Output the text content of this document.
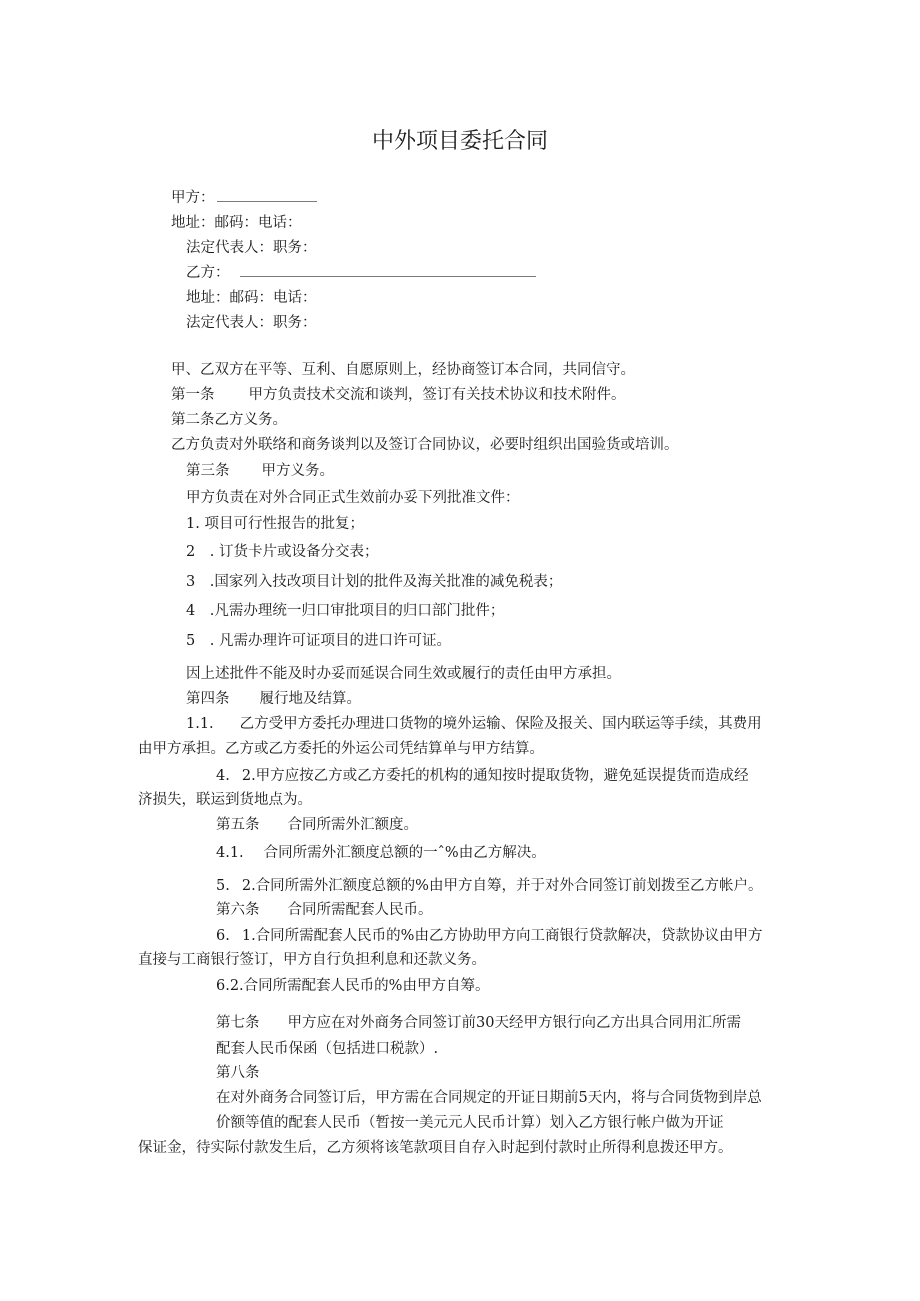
中外项目委托合同
甲方：
地址：邮码：电话：
法定代表人：职务：
乙方：
地址：邮码：电话：
法定代表人：职务：
甲、乙双方在平等、互利、自愿原则上，经协商签订本合同，共同信守。
第一条 甲方负责技术交流和谈判，签订有关技术协议和技术附件。
第二条乙方义务。
乙方负责对外联络和商务谈判以及签订合同协议，必要时组织出国验货或培训。
第三条 甲方义务。
甲方负责在对外合同正式生效前办妥下列批准文件：
1. 项目可行性报告的批复；
2　. 订货卡片或设备分交表；
3　.国家列入技改项目计划的批件及海关批准的减免税表；
4　.凡需办理统一归口审批项目的归口部门批件；
5　. 凡需办理许可证项目的进口许可证。
因上述批件不能及时办妥而延误合同生效或履行的责任由甲方承担。
第四条 履行地及结算。
1.1. 乙方受甲方委托办理进口货物的境外运输、保险及报关、国内联运等手续，其费用
由甲方承担。乙方或乙方委托的外运公司凭结算单与甲方结算。
4. 2.甲方应按乙方或乙方委托的机构的通知按时提取货物，避免延误提货而造成经
济损失，联运到货地点为。
第五条 合同所需外汇额度。
4.1. 合同所需外汇额度总额的一ˆ%由乙方解决。
5. 2.合同所需外汇额度总额的%由甲方自筹，并于对外合同签订前划拨至乙方帐户。
第六条 合同所需配套人民币。
6. 1.合同所需配套人民币的%由乙方协助甲方向工商银行贷款解决，贷款协议由甲方
直接与工商银行签订，甲方自行负担利息和还款义务。
6.2.合同所需配套人民币的%由甲方自筹。
第七条 甲方应在对外商务合同签订前30天经甲方银行向乙方出具合同用汇所需
配套人民币保函（包括进口税款）.
第八条
在对外商务合同签订后，甲方需在合同规定的开证日期前5天内，将与合同货物到岸总
价额等值的配套人民币（暂按一美元元人民币计算）划入乙方银行帐户做为开证
保证金，待实际付款发生后，乙方须将该笔款项目自存入时起到付款时止所得利息拨还甲方。
